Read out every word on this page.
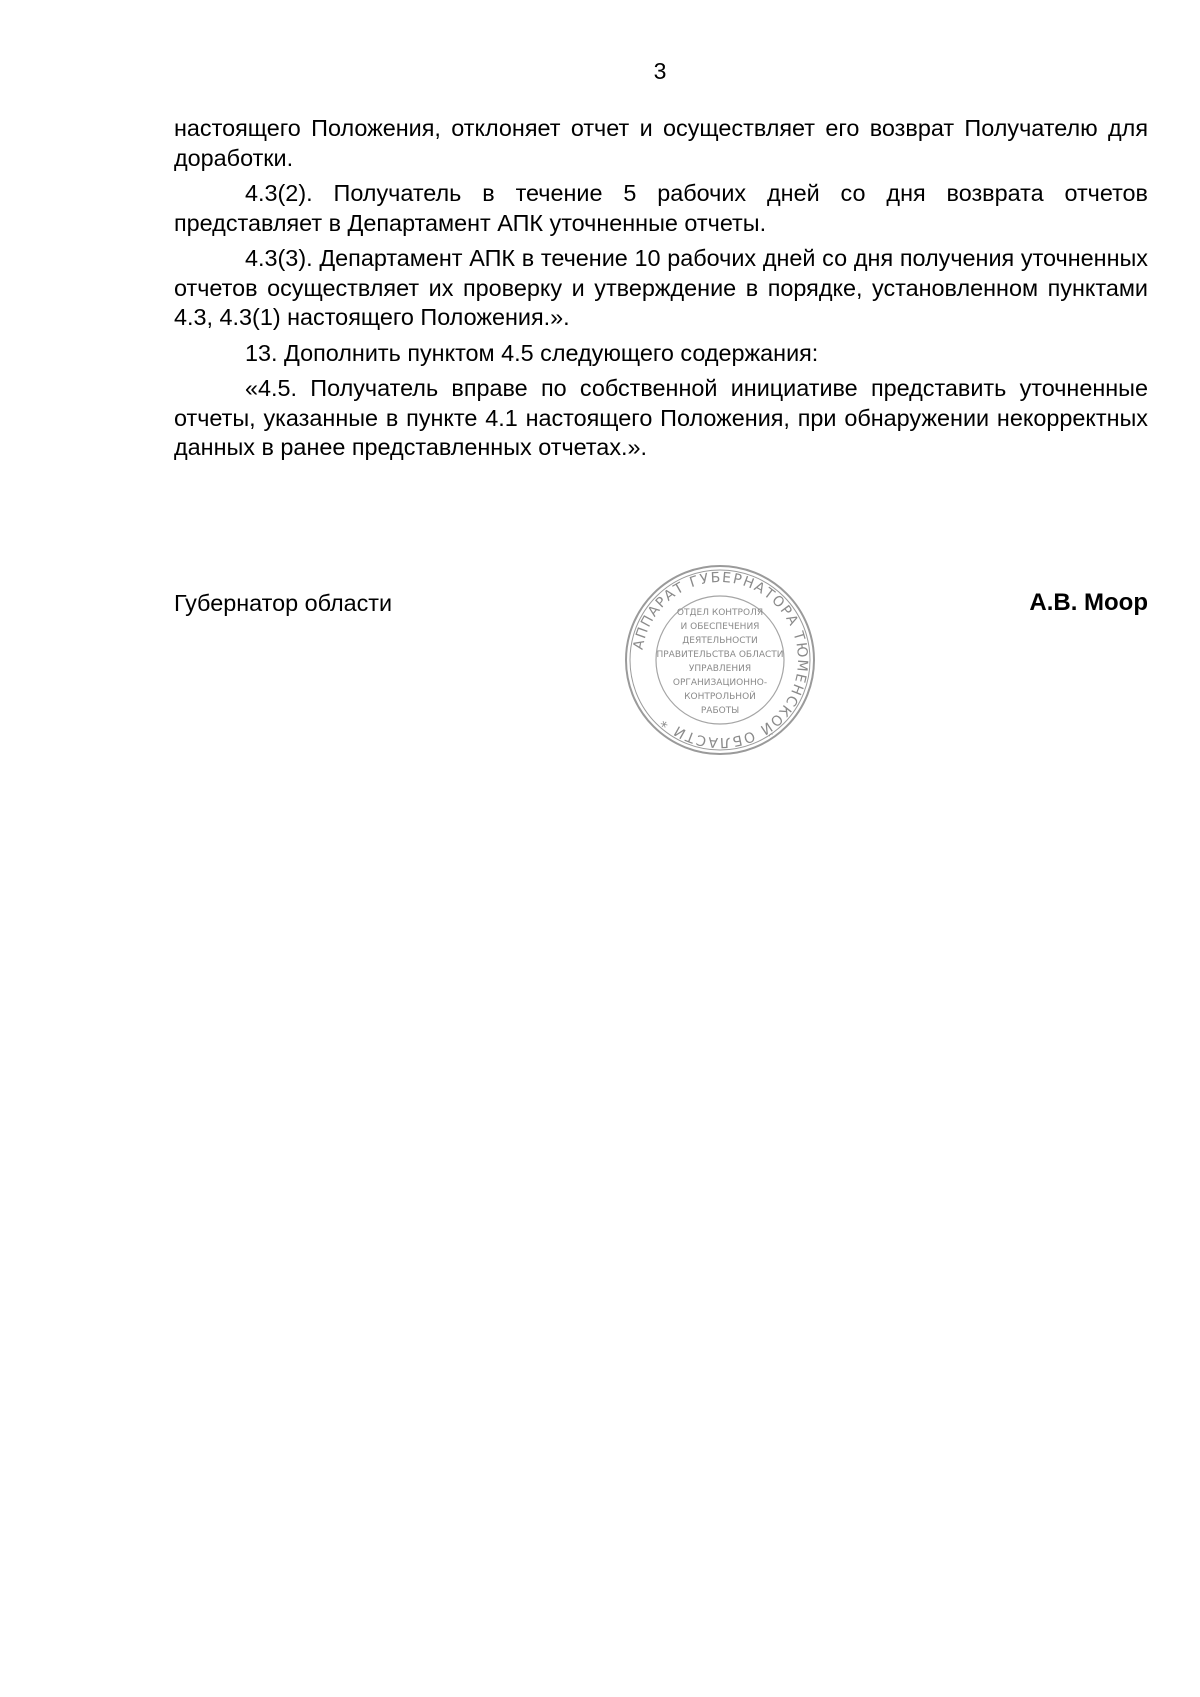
3

настоящего Положения, отклоняет отчет и осуществляет его возврат Получателю для доработки.

4.3(2). Получатель в течение 5 рабочих дней со дня возврата отчетов представляет в Департамент АПК уточненные отчеты.

4.3(3). Департамент АПК в течение 10 рабочих дней со дня получения уточненных отчетов осуществляет их проверку и утверждение в порядке, установленном пунктами 4.3, 4.3(1) настоящего Положения.».

13. Дополнить пунктом 4.5 следующего содержания:

«4.5. Получатель вправе по собственной инициативе представить уточненные отчеты, указанные в пункте 4.1 настоящего Положения, при обнаружении некорректных данных в ранее представленных отчетах.».

Губернатор области	А.В. Моор
АППАРАТ ГУБЕРНАТОРА ТЮМЕНСКОЙ ОБЛАСТИ *
ОТДЕЛ КОНТРОЛЯ
И ОБЕСПЕЧЕНИЯ
ДЕЯТЕЛЬНОСТИ
ПРАВИТЕЛЬСТВА ОБЛАСТИ
УПРАВЛЕНИЯ
ОРГАНИЗАЦИОННО-
КОНТРОЛЬНОЙ
РАБОТЫ
